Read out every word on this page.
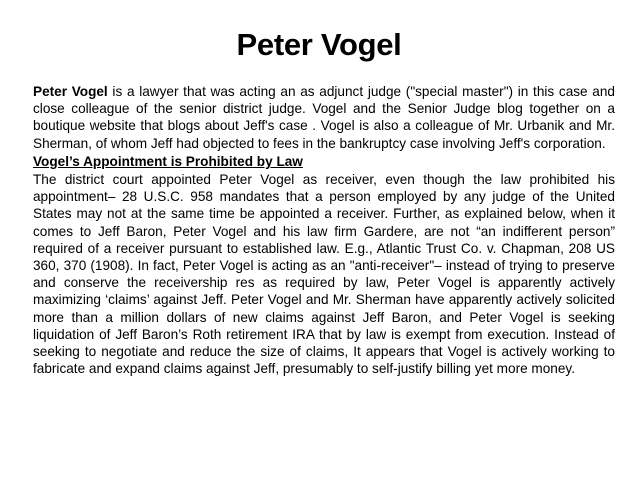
Peter Vogel

Peter Vogel is a lawyer that was acting an as adjunct judge ("special master") in this case and close colleague of the senior district judge. Vogel and the Senior Judge blog together on a boutique website that blogs about Jeff's case . Vogel is also a colleague of Mr. Urbanik and Mr. Sherman, of whom Jeff had objected to fees in the bankruptcy case involving Jeff's corporation.

Vogel’s Appointment is Prohibited by Law

The district court appointed Peter Vogel as receiver, even though the law prohibited his appointment– 28 U.S.C. 958 mandates that a person employed by any judge of the United States may not at the same time be appointed a receiver. Further, as explained below, when it comes to Jeff Baron, Peter Vogel and his law firm Gardere, are not “an indifferent person” required of a receiver pursuant to established law. E.g., Atlantic Trust Co. v. Chapman, 208 US 360, 370 (1908). In fact, Peter Vogel is acting as an "anti-receiver"– instead of trying to preserve and conserve the receivership res as required by law, Peter Vogel is apparently actively maximizing ‘claims’ against Jeff. Peter Vogel and Mr. Sherman have apparently actively solicited more than a million dollars of new claims against Jeff Baron, and Peter Vogel is seeking liquidation of Jeff Baron’s Roth retirement IRA that by law is exempt from execution. Instead of seeking to negotiate and reduce the size of claims, It appears that Vogel is actively working to fabricate and expand claims against Jeff, presumably to self-justify billing yet more money.
